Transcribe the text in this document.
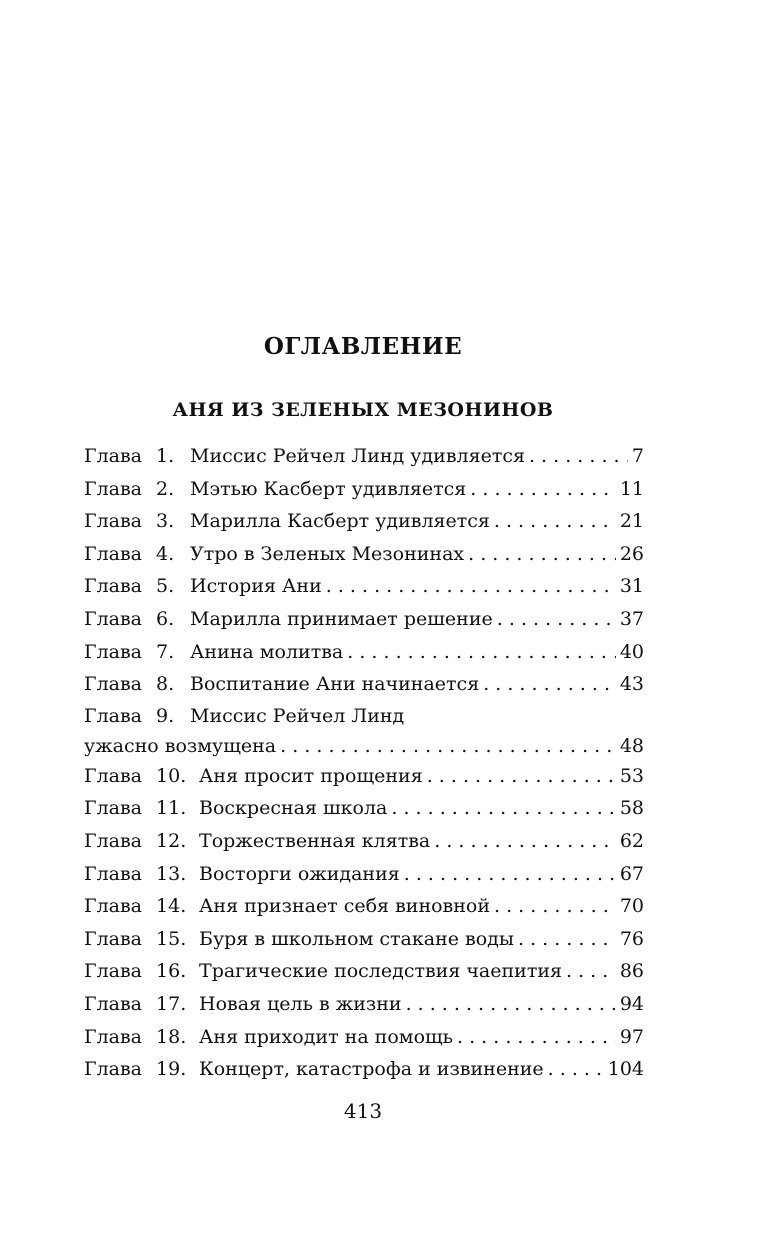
ОГЛАВЛЕНИЕ
АНЯ ИЗ ЗЕЛЕНЫХ МЕЗОНИНОВ
Глава 1. Миссис Рейчел Линд удивляется . . .	7
Глава 2. Мэтью Касберт удивляется . . .	11
Глава 3. Марилла Касберт удивляется . . .	21
Глава 4. Утро в Зеленых Мезонинах . . .	26
Глава 5. История Ани . . .	31
Глава 6. Марилла принимает решение . . .	37
Глава 7. Анина молитва . . .	40
Глава 8. Воспитание Ани начинается . . .	43
Глава 9. Миссис Рейчел Линд
ужасно возмущена . . .	48
Глава 10. Аня просит прощения . . .	53
Глава 11. Воскресная школа . . .	58
Глава 12. Торжественная клятва . . .	62
Глава 13. Восторги ожидания . . .	67
Глава 14. Аня признает себя виновной . . .	70
Глава 15. Буря в школьном стакане воды . . .	76
Глава 16. Трагические последствия чаепития . . .	86
Глава 17. Новая цель в жизни . . .	94
Глава 18. Аня приходит на помощь . . .	97
Глава 19. Концерт, катастрофа и извинение . . .	104
413
